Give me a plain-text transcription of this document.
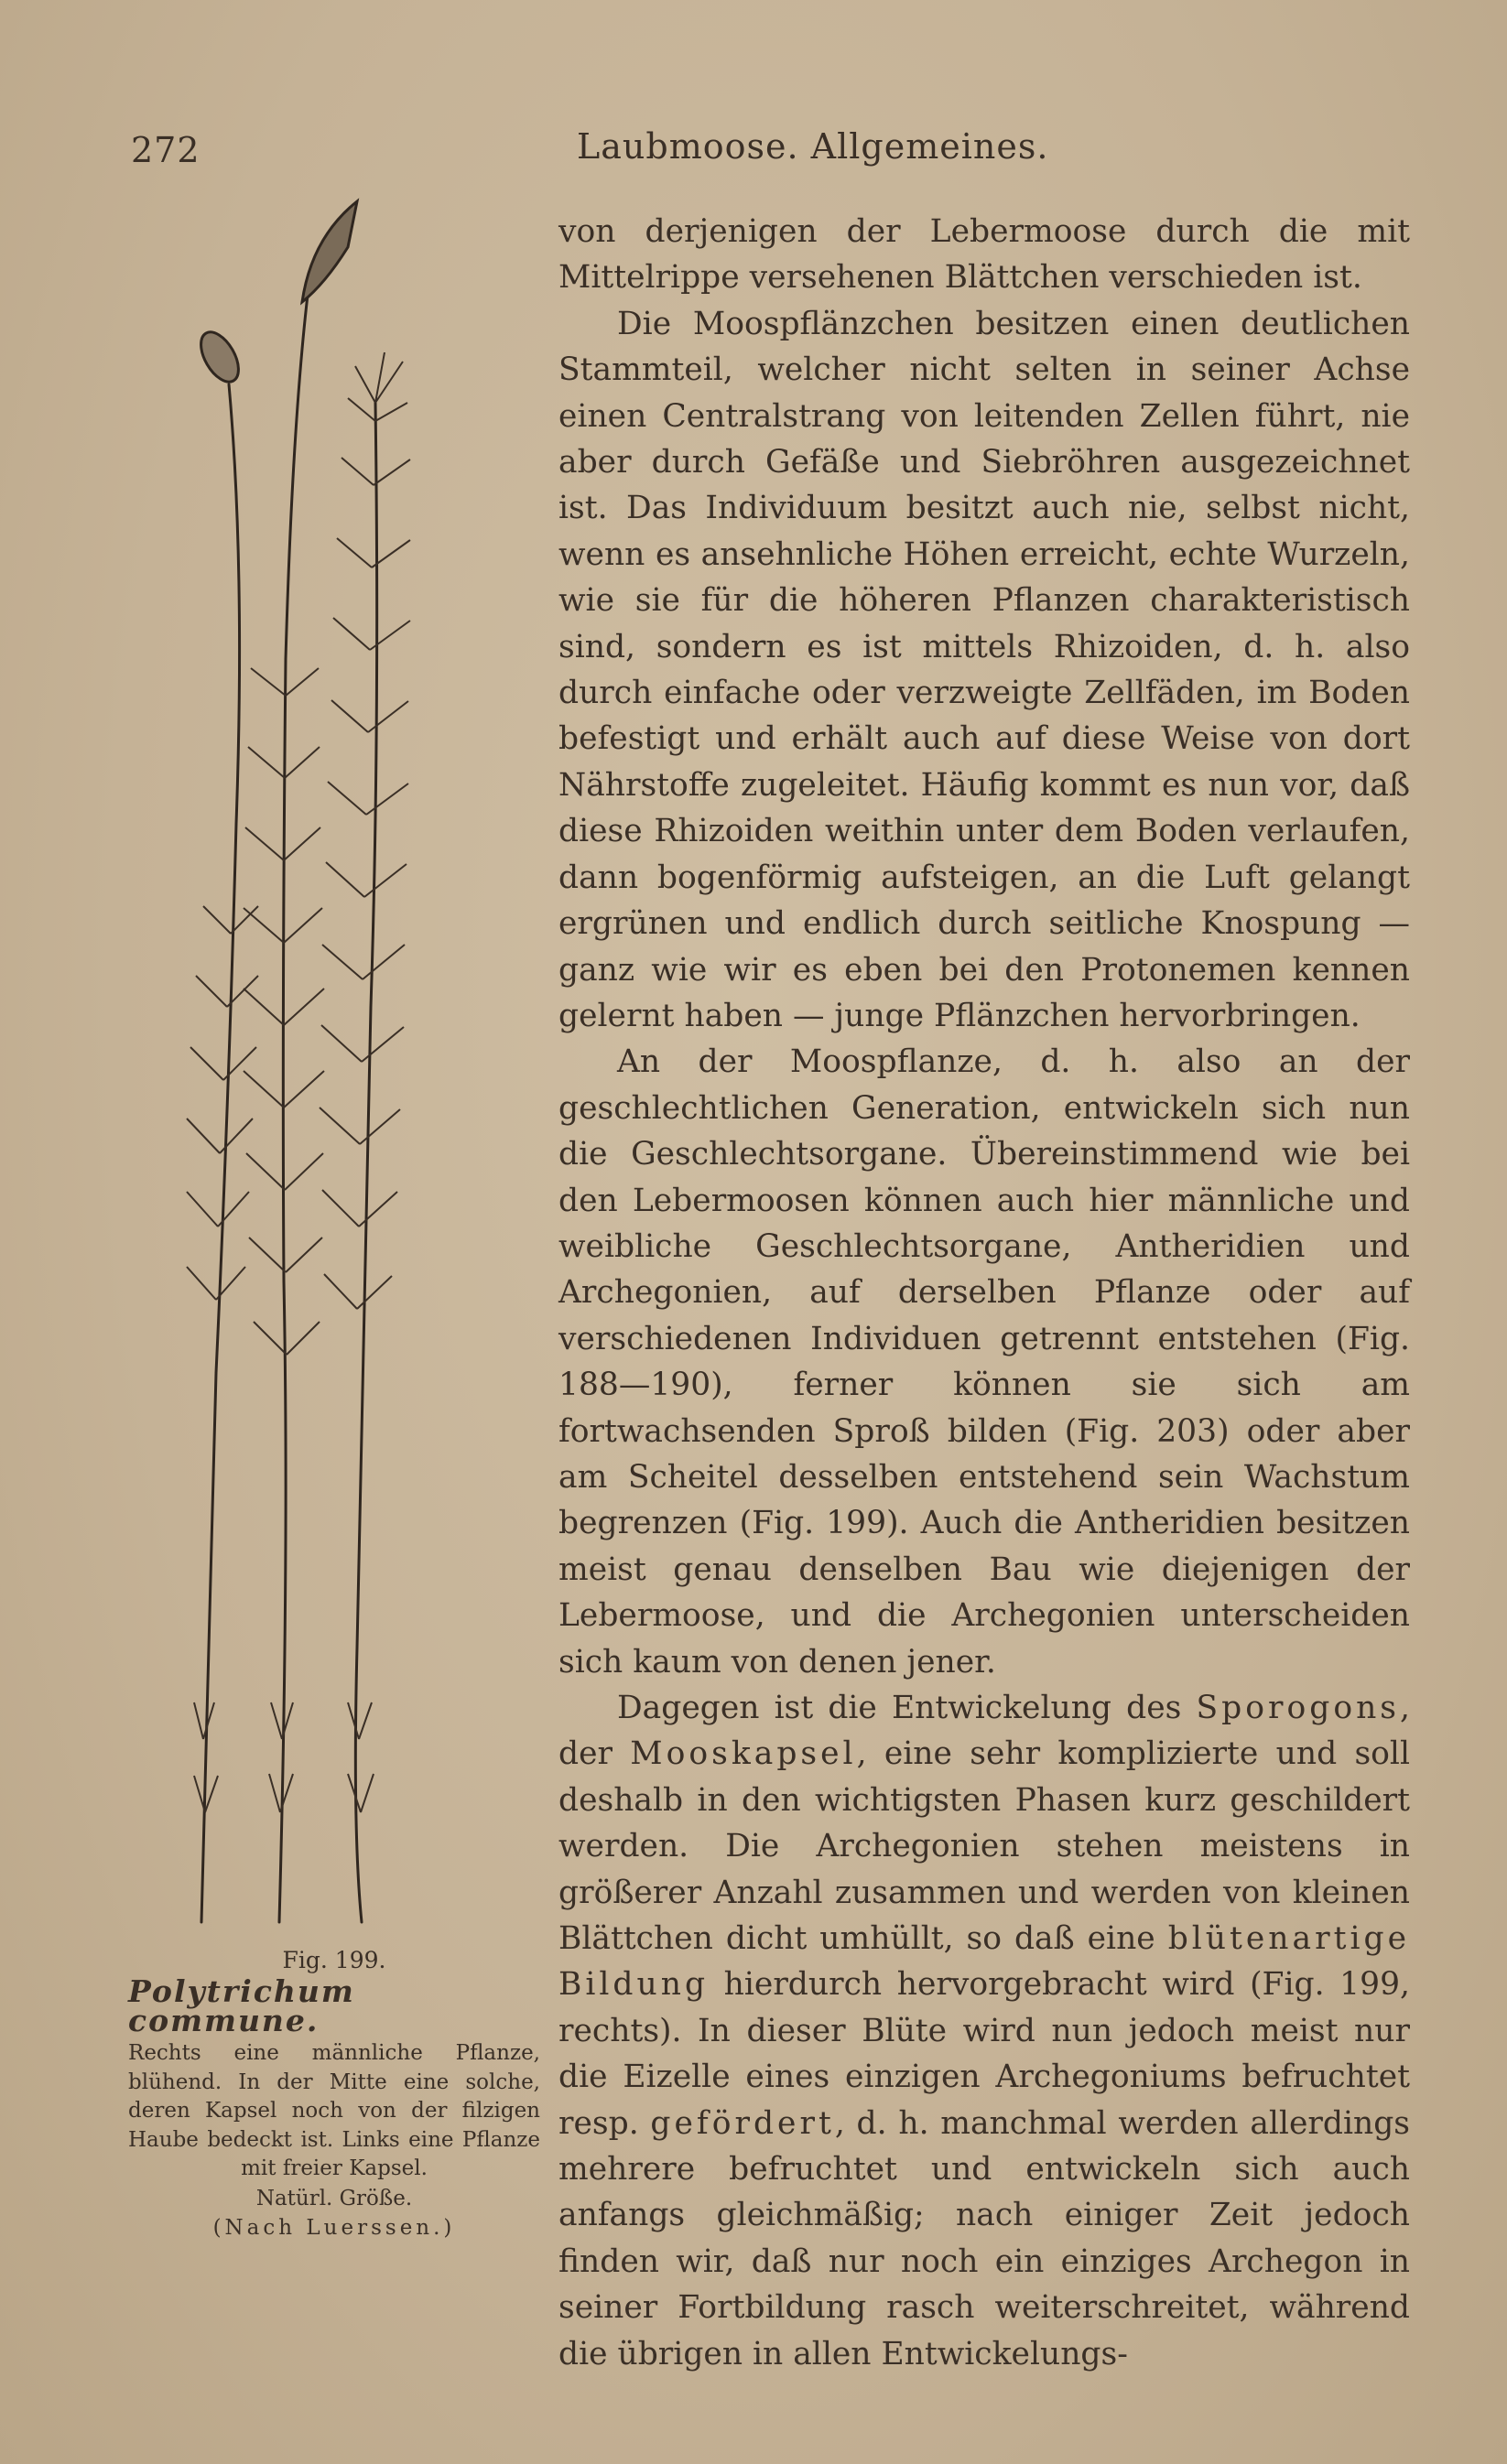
272	Laubmoose. Allgemeines.
Fig. 199.
Polytrichum commune.
Rechts eine männliche Pflanze, blühend. In der Mitte eine solche, deren Kapsel noch von der filzigen Haube bedeckt ist. Links eine Pflanze mit freier Kapsel.
Natürl. Größe.
(Nach Luerssen.)

von derjenigen der Lebermoose durch die mit Mittelrippe versehenen Blättchen verschieden ist.

Die Moospflänzchen besitzen einen deutlichen Stammteil, welcher nicht selten in seiner Achse einen Centralstrang von leitenden Zellen führt, nie aber durch Gefäße und Siebröhren ausgezeichnet ist. Das Individuum besitzt auch nie, selbst nicht, wenn es ansehnliche Höhen erreicht, echte Wurzeln, wie sie für die höheren Pflanzen charakteristisch sind, sondern es ist mittels Rhizoiden, d. h. also durch einfache oder verzweigte Zellfäden, im Boden befestigt und erhält auch auf diese Weise von dort Nährstoffe zugeleitet. Häufig kommt es nun vor, daß diese Rhizoiden weithin unter dem Boden verlaufen, dann bogenförmig aufsteigen, an die Luft gelangt ergrünen und endlich durch seitliche Knospung — ganz wie wir es eben bei den Protonemen kennen gelernt haben — junge Pflänzchen hervorbringen.

An der Moospflanze, d. h. also an der geschlechtlichen Generation, entwickeln sich nun die Geschlechtsorgane. Übereinstimmend wie bei den Lebermoosen können auch hier männliche und weibliche Geschlechtsorgane, Antheridien und Archegonien, auf derselben Pflanze oder auf verschiedenen Individuen getrennt entstehen (Fig. 188—190), ferner können sie sich am fortwachsenden Sproß bilden (Fig. 203) oder aber am Scheitel desselben entstehend sein Wachstum begrenzen (Fig. 199). Auch die Antheridien besitzen meist genau denselben Bau wie diejenigen der Lebermoose, und die Archegonien unterscheiden sich kaum von denen jener.

Dagegen ist die Entwickelung des Sporogons, der Mooskapsel, eine sehr komplizierte und soll deshalb in den wichtigsten Phasen kurz geschildert werden. Die Archegonien stehen meistens in größerer Anzahl zusammen und werden von kleinen Blättchen dicht umhüllt, so daß eine blütenartige Bildung hierdurch hervorgebracht wird (Fig. 199, rechts). In dieser Blüte wird nun jedoch meist nur die Eizelle eines einzigen Archegoniums befruchtet resp. gefördert, d. h. manchmal werden allerdings mehrere befruchtet und entwickeln sich auch anfangs gleichmäßig; nach einiger Zeit jedoch finden wir, daß nur noch ein einziges Archegon in seiner Fortbildung rasch weiterschreitet, während die übrigen in allen Entwickelungs-
